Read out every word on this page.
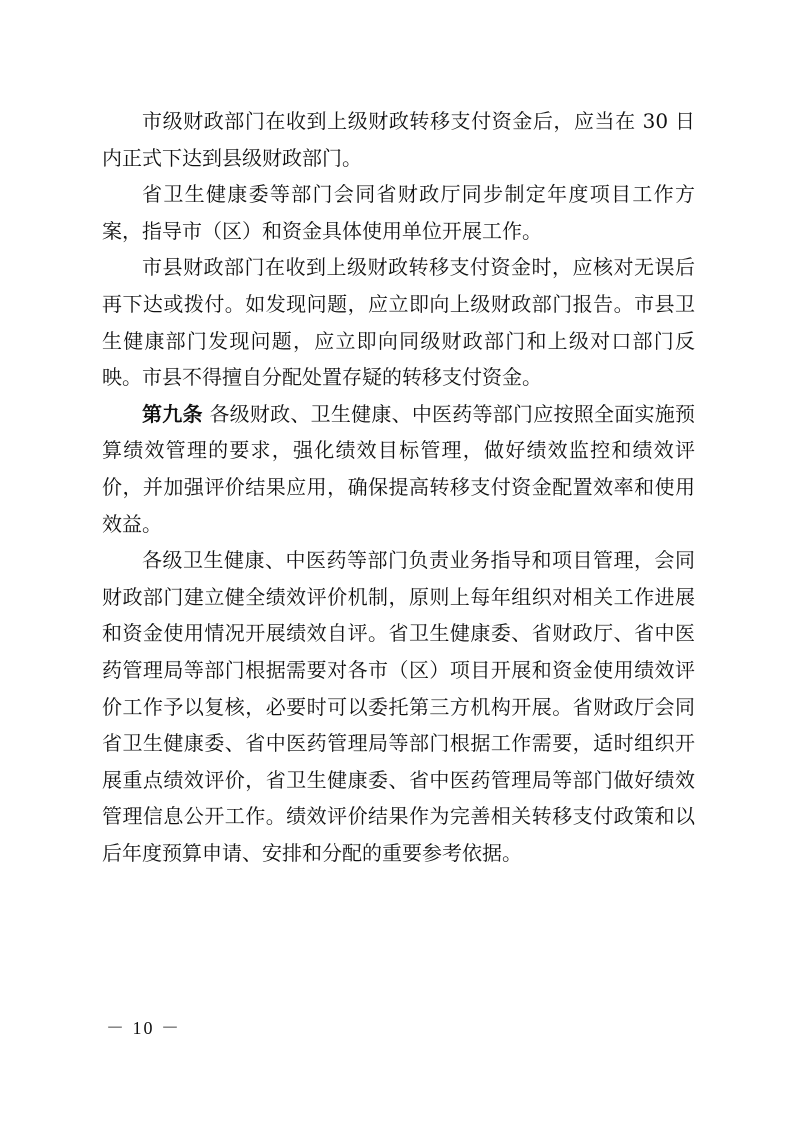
市级财政部门在收到上级财政转移支付资金后，应当在 30 日内正式下达到县级财政部门。

省卫生健康委等部门会同省财政厅同步制定年度项目工作方案，指导市（区）和资金具体使用单位开展工作。

市县财政部门在收到上级财政转移支付资金时，应核对无误后再下达或拨付。如发现问题，应立即向上级财政部门报告。市县卫生健康部门发现问题，应立即向同级财政部门和上级对口部门反映。市县不得擅自分配处置存疑的转移支付资金。

第九条 各级财政、卫生健康、中医药等部门应按照全面实施预算绩效管理的要求，强化绩效目标管理，做好绩效监控和绩效评价，并加强评价结果应用，确保提高转移支付资金配置效率和使用效益。

各级卫生健康、中医药等部门负责业务指导和项目管理，会同财政部门建立健全绩效评价机制，原则上每年组织对相关工作进展和资金使用情况开展绩效自评。省卫生健康委、省财政厅、省中医药管理局等部门根据需要对各市（区）项目开展和资金使用绩效评价工作予以复核，必要时可以委托第三方机构开展。省财政厅会同省卫生健康委、省中医药管理局等部门根据工作需要，适时组织开展重点绩效评价，省卫生健康委、省中医药管理局等部门做好绩效管理信息公开工作。绩效评价结果作为完善相关转移支付政策和以后年度预算申请、安排和分配的重要参考依据。

－ 10 －
